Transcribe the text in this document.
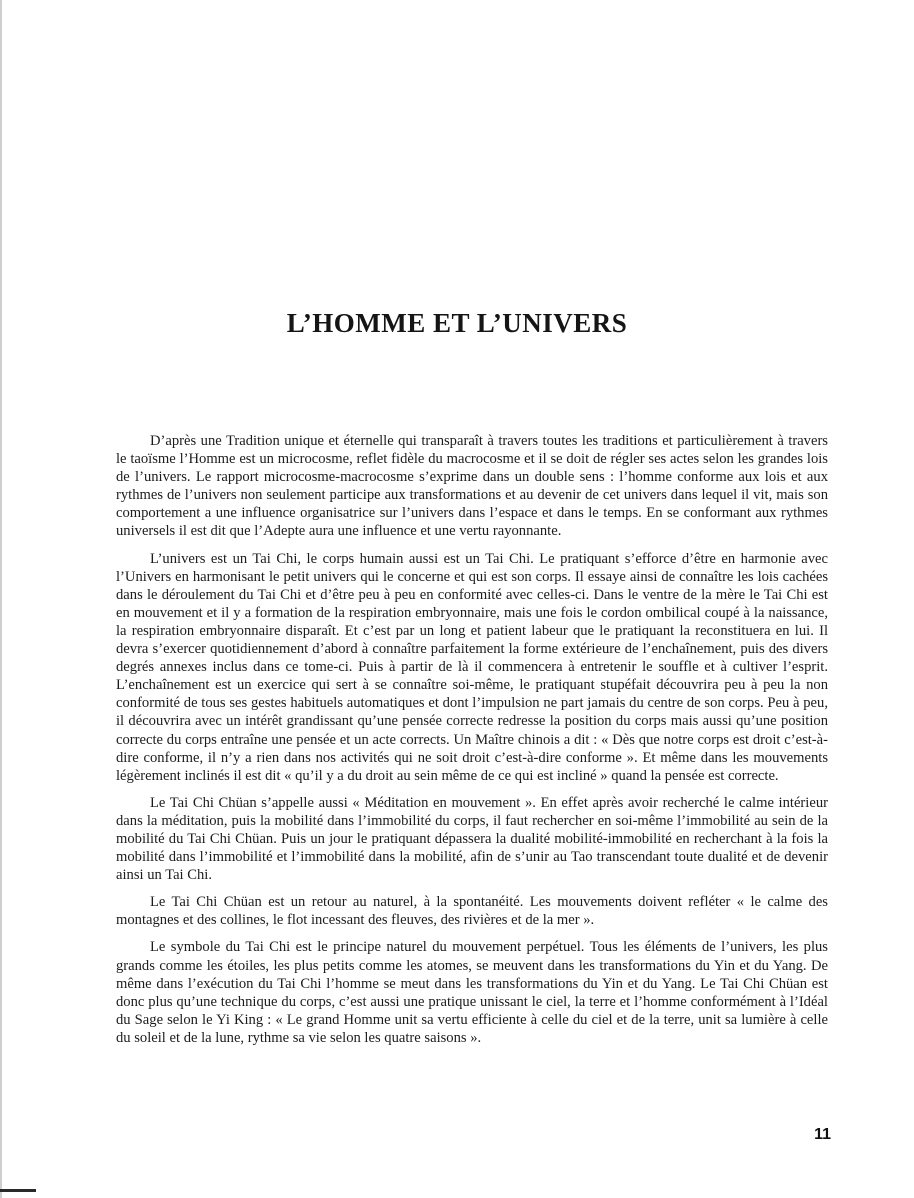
L’HOMME ET L’UNIVERS

D’après une Tradition unique et éternelle qui transparaît à travers toutes les traditions et particulièrement à travers le taoïsme l’Homme est un microcosme, reflet fidèle du macrocosme et il se doit de régler ses actes selon les grandes lois de l’univers. Le rapport microcosme-macrocosme s’exprime dans un double sens : l’homme conforme aux lois et aux rythmes de l’univers non seulement participe aux transformations et au devenir de cet univers dans lequel il vit, mais son comportement a une influence organisatrice sur l’univers dans l’espace et dans le temps. En se conformant aux rythmes universels il est dit que l’Adepte aura une influence et une vertu rayonnante.

L’univers est un Tai Chi, le corps humain aussi est un Tai Chi. Le pratiquant s’efforce d’être en harmonie avec l’Univers en harmonisant le petit univers qui le concerne et qui est son corps. Il essaye ainsi de connaître les lois cachées dans le déroulement du Tai Chi et d’être peu à peu en conformité avec celles-ci. Dans le ventre de la mère le Tai Chi est en mouvement et il y a formation de la respiration embryonnaire, mais une fois le cordon ombilical coupé à la naissance, la respiration embryonnaire disparaît. Et c’est par un long et patient labeur que le pratiquant la reconstituera en lui. Il devra s’exercer quotidiennement d’abord à connaître parfaitement la forme extérieure de l’enchaînement, puis des divers degrés annexes inclus dans ce tome-ci. Puis à partir de là il commencera à entretenir le souffle et à cultiver l’esprit. L’enchaînement est un exercice qui sert à se connaître soi-même, le pratiquant stupéfait découvrira peu à peu la non conformité de tous ses gestes habituels automatiques et dont l’impulsion ne part jamais du centre de son corps. Peu à peu, il découvrira avec un intérêt grandissant qu’une pensée correcte redresse la position du corps mais aussi qu’une position correcte du corps entraîne une pensée et un acte corrects. Un Maître chinois a dit : « Dès que notre corps est droit c’est-à-dire conforme, il n’y a rien dans nos activités qui ne soit droit c’est-à-dire conforme ». Et même dans les mouvements légèrement inclinés il est dit « qu’il y a du droit au sein même de ce qui est incliné » quand la pensée est correcte.

Le Tai Chi Chüan s’appelle aussi « Méditation en mouvement ». En effet après avoir recherché le calme intérieur dans la méditation, puis la mobilité dans l’immobilité du corps, il faut rechercher en soi-même l’immobilité au sein de la mobilité du Tai Chi Chüan. Puis un jour le pratiquant dépassera la dualité mobilité-immobilité en recherchant à la fois la mobilité dans l’immobilité et l’immobilité dans la mobilité, afin de s’unir au Tao transcendant toute dualité et de devenir ainsi un Tai Chi.

Le Tai Chi Chüan est un retour au naturel, à la spontanéité. Les mouvements doivent refléter « le calme des montagnes et des collines, le flot incessant des fleuves, des rivières et de la mer ».

Le symbole du Tai Chi est le principe naturel du mouvement perpétuel. Tous les éléments de l’univers, les plus grands comme les étoiles, les plus petits comme les atomes, se meuvent dans les transformations du Yin et du Yang. De même dans l’exécution du Tai Chi l’homme se meut dans les transformations du Yin et du Yang. Le Tai Chi Chüan est donc plus qu’une technique du corps, c’est aussi une pratique unissant le ciel, la terre et l’homme conformément à l’Idéal du Sage selon le Yi King : « Le grand Homme unit sa vertu efficiente à celle du ciel et de la terre, unit sa lumière à celle du soleil et de la lune, rythme sa vie selon les quatre saisons ».

11
